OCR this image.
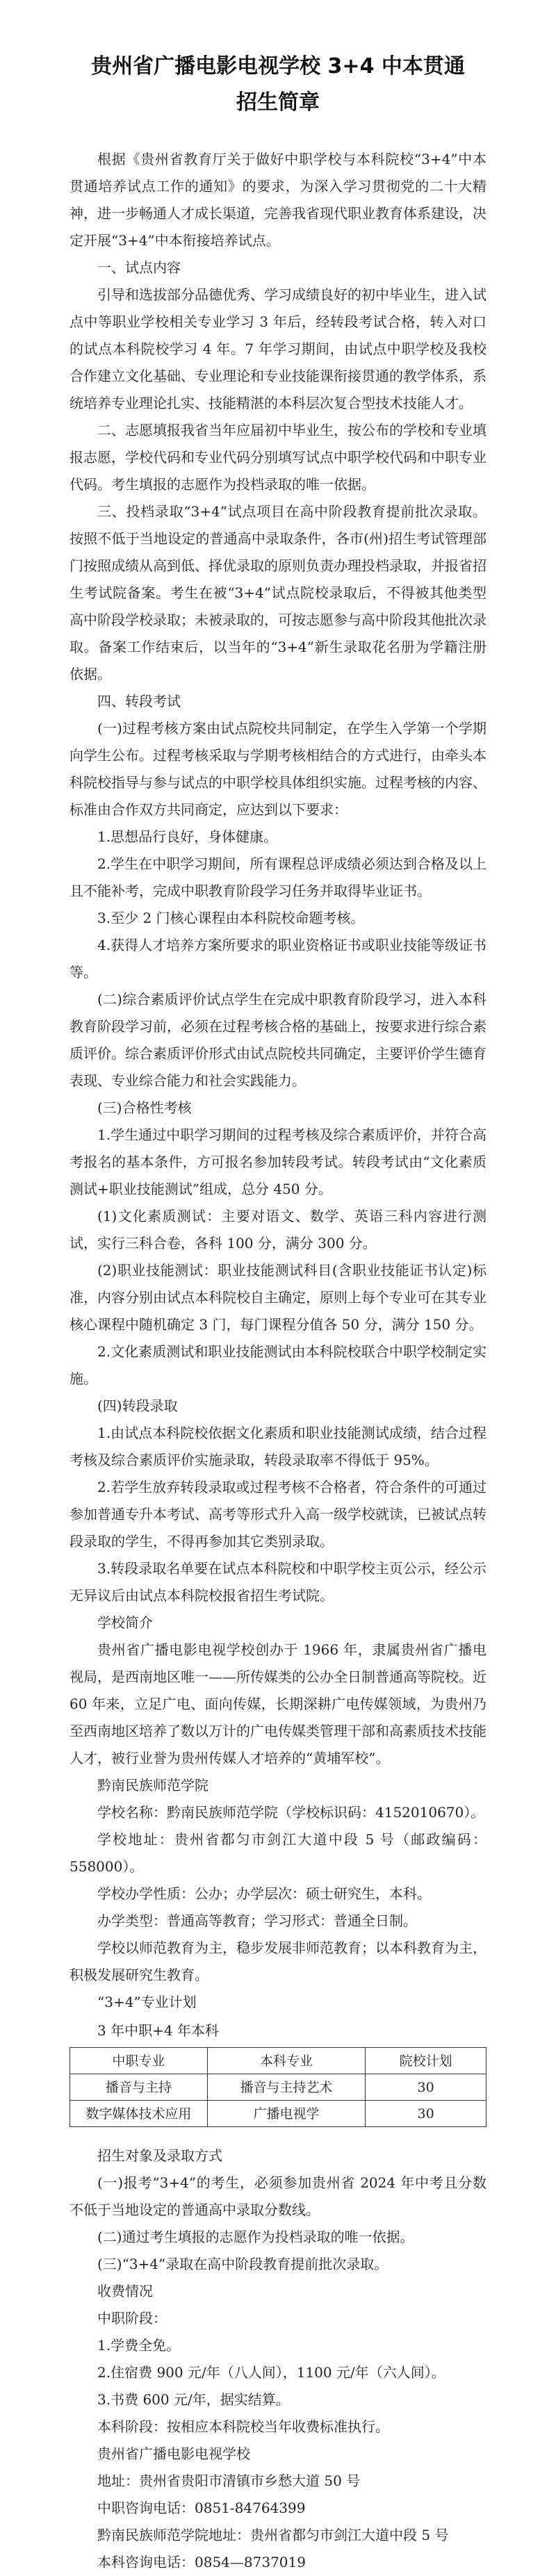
贵州省广播电影电视学校 3+4 中本贯通
招生简章

根据《贵州省教育厅关于做好中职学校与本科院校“3+4”中本贯通培养试点工作的通知》的要求，为深入学习贯彻党的二十大精神，进一步畅通人才成长渠道，完善我省现代职业教育体系建设，决定开展“3+4”中本衔接培养试点。

一、试点内容

引导和选拔部分品德优秀、学习成绩良好的初中毕业生，进入试点中等职业学校相关专业学习 3 年后，经转段考试合格，转入对口的试点本科院校学习 4 年。7 年学习期间，由试点中职学校及我校合作建立文化基础、专业理论和专业技能课衔接贯通的教学体系，系统培养专业理论扎实、技能精湛的本科层次复合型技术技能人才。

二、志愿填报我省当年应届初中毕业生，按公布的学校和专业填报志愿，学校代码和专业代码分别填写试点中职学校代码和中职专业代码。考生填报的志愿作为投档录取的唯一依据。

三、投档录取“3+4”试点项目在高中阶段教育提前批次录取。按照不低于当地设定的普通高中录取条件，各市(州)招生考试管理部门按照成绩从高到低、择优录取的原则负责办理投档录取，并报省招生考试院备案。考生在被“3+4”试点院校录取后，不得被其他类型高中阶段学校录取；未被录取的，可按志愿参与高中阶段其他批次录取。备案工作结束后，以当年的“3+4”新生录取花名册为学籍注册依据。

四、转段考试

(一)过程考核方案由试点院校共同制定，在学生入学第一个学期向学生公布。过程考核采取与学期考核相结合的方式进行，由牵头本科院校指导与参与试点的中职学校具体组织实施。过程考核的内容、标准由合作双方共同商定，应达到以下要求：

1.思想品行良好，身体健康。

2.学生在中职学习期间，所有课程总评成绩必须达到合格及以上且不能补考，完成中职教育阶段学习任务并取得毕业证书。

3.至少 2 门核心课程由本科院校命题考核。

4.获得人才培养方案所要求的职业资格证书或职业技能等级证书等。

(二)综合素质评价试点学生在完成中职教育阶段学习，进入本科教育阶段学习前，必须在过程考核合格的基础上，按要求进行综合素质评价。综合素质评价形式由试点院校共同确定，主要评价学生德育表现、专业综合能力和社会实践能力。

(三)合格性考核

1.学生通过中职学习期间的过程考核及综合素质评价，并符合高考报名的基本条件，方可报名参加转段考试。转段考试由“文化素质测试+职业技能测试”组成，总分 450 分。

(1)文化素质测试：主要对语文、数学、英语三科内容进行测试，实行三科合卷，各科 100 分，满分 300 分。

(2)职业技能测试：职业技能测试科目(含职业技能证书认定)标准，内容分别由试点本科院校自主确定，原则上每个专业可在其专业核心课程中随机确定 3 门，每门课程分值各 50 分，满分 150 分。

2.文化素质测试和职业技能测试由本科院校联合中职学校制定实施。

(四)转段录取

1.由试点本科院校依据文化素质和职业技能测试成绩，结合过程考核及综合素质评价实施录取，转段录取率不得低于 95%。

2.若学生放弃转段录取或过程考核不合格者，符合条件的可通过参加普通专升本考试、高考等形式升入高一级学校就读，已被试点转段录取的学生，不得再参加其它类别录取。

3.转段录取名单要在试点本科院校和中职学校主页公示，经公示无异议后由试点本科院校报省招生考试院。

学校简介

贵州省广播电影电视学校创办于 1966 年，隶属贵州省广播电视局，是西南地区唯一——所传媒类的公办全日制普通高等院校。近 60 年来，立足广电、面向传媒，长期深耕广电传媒领域，为贵州乃至西南地区培养了数以万计的广电传媒类管理干部和高素质技术技能人才，被行业誉为贵州传媒人才培养的“黄埔军校”。

黔南民族师范学院

学校名称：黔南民族师范学院（学校标识码：4152010670）。

学校地址：贵州省都匀市剑江大道中段 5 号（邮政编码：558000）。

学校办学性质：公办；办学层次：硕士研究生，本科。

办学类型：普通高等教育；学习形式：普通全日制。

学校以师范教育为主，稳步发展非师范教育；以本科教育为主，积极发展研究生教育。

“3+4”专业计划

3 年中职+4 年本科

中职专业	本科专业	院校计划
播音与主持	播音与主持艺术	30
数字媒体技术应用	广播电视学	30

招生对象及录取方式

(一)报考“3+4”的考生，必须参加贵州省 2024 年中考且分数不低于当地设定的普通高中录取分数线。

(二)通过考生填报的志愿作为投档录取的唯一依据。

(三)“3+4”录取在高中阶段教育提前批次录取。

收费情况

中职阶段：

1.学费全免。

2.住宿费 900 元/年（八人间），1100 元/年（六人间）。

3.书费 600 元/年，据实结算。

本科阶段：按相应本科院校当年收费标准执行。

贵州省广播电影电视学校

地址：贵州省贵阳市清镇市乡愁大道 50 号

中职咨询电话：0851-84764399

黔南民族师范学院地址：贵州省都匀市剑江大道中段 5 号

本科咨询电话：0854—8737019
